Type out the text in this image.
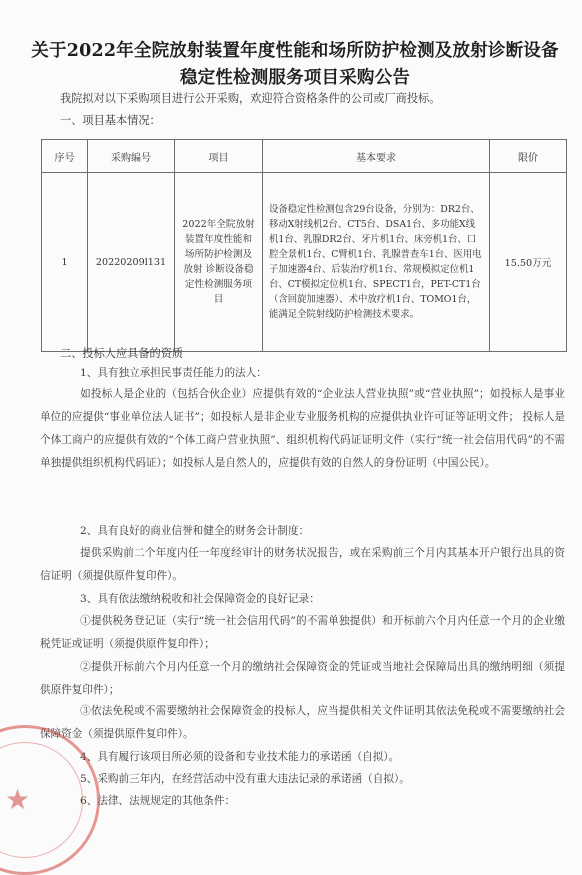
关于2022年全院放射装置年度性能和场所防护检测及放射诊断设备稳定性检测服务项目采购公告
我院拟对以下采购项目进行公开采购，欢迎符合资格条件的公司或厂商投标。
一、项目基本情况：
序号	采购编号	项目	基本要求	限价
1	20220209l131	2022年全院放射装置年度性能和场所防护检测及放射 诊断设备稳定性检测服务项目	设备稳定性检测包含29台设备，分别为：DR2台、移动X射线机2台、CT5台、DSA1台、多功能X线机1台、乳腺DR2台、牙片机1台、床旁机1台、口腔全景机1台、C臂机1台、乳腺普查车1台、医用电子加速器4台、后装治疗机1台、常规模拟定位机1台、CT模拟定位机1台、SPECT1台，PET-CT1台（含回旋加速器）、术中放疗机1台、TOMO1台，能满足全院射线防护检测技术要求。	15.50万元
二、投标人应具备的资质
1、具有独立承担民事责任能力的法人：
如投标人是企业的（包括合伙企业）应提供有效的“企业法人营业执照”或“营业执照”；如投标人是事业单位的应提供“事业单位法人证书”；如投标人是非企业专业服务机构的应提供执业许可证等证明文件； 投标人是个体工商户的应提供有效的“个体工商户营业执照”、组织机构代码证证明文件（实行“统一社会信用代码”的不需单独提供组织机构代码证）；如投标人是自然人的，应提供有效的自然人的身份证明（中国公民）。
2、具有良好的商业信誉和健全的财务会计制度：
提供采购前二个年度内任一年度经审计的财务状况报告，或在采购前三个月内其基本开户银行出具的资信证明（须提供原件复印件）。
3、具有依法缴纳税收和社会保障资金的良好记录：
①提供税务登记证（实行“统一社会信用代码”的不需单独提供）和开标前六个月内任意一个月的企业缴税凭证或证明（须提供原件复印件）；
②提供开标前六个月内任意一个月的缴纳社会保障资金的凭证或当地社会保障局出具的缴纳明细（须提供原件复印件）；
③依法免税或不需要缴纳社会保障资金的投标人，应当提供相关文件证明其依法免税或不需要缴纳社会保障资金（须提供原件复印件）。
4、具有履行该项目所必须的设备和专业技术能力的承诺函（自拟）。
5、采购前三年内，在经营活动中没有重大违法记录的承诺函（自拟）。
6、法律、法规规定的其他条件：
★
